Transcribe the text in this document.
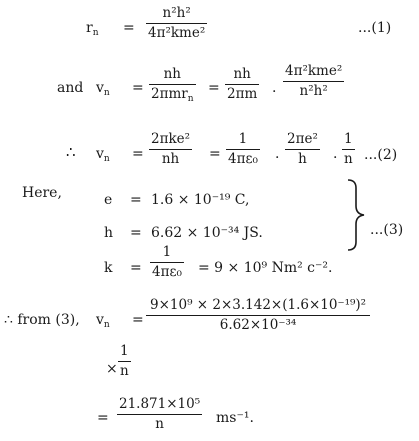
$r_n$ =
n²h²
4π²kme²	...(1)
and $v_n$ =
nh
2πmr$_n$
=
nh
2πm ·
4π²kme²
n²h²
∴ $v_n$ =
2πke²
nh =
1
4πε₀ ·
2πe²
h ·
1
n ...(2)
Here,	e = 1.6 × 10⁻¹⁹ C,
h = 6.62 × 10⁻³⁴ JS.
k =
1
4πε₀ = 9 × 10⁹ Nm² c⁻².
...(3)
∴ from (3), $v_n$ =
9×10⁹ × 2×3.142×(1.6×10⁻¹⁹)²
6.62×10⁻³⁴
×
1
n
=
21.871×10⁵
n	ms⁻¹.
